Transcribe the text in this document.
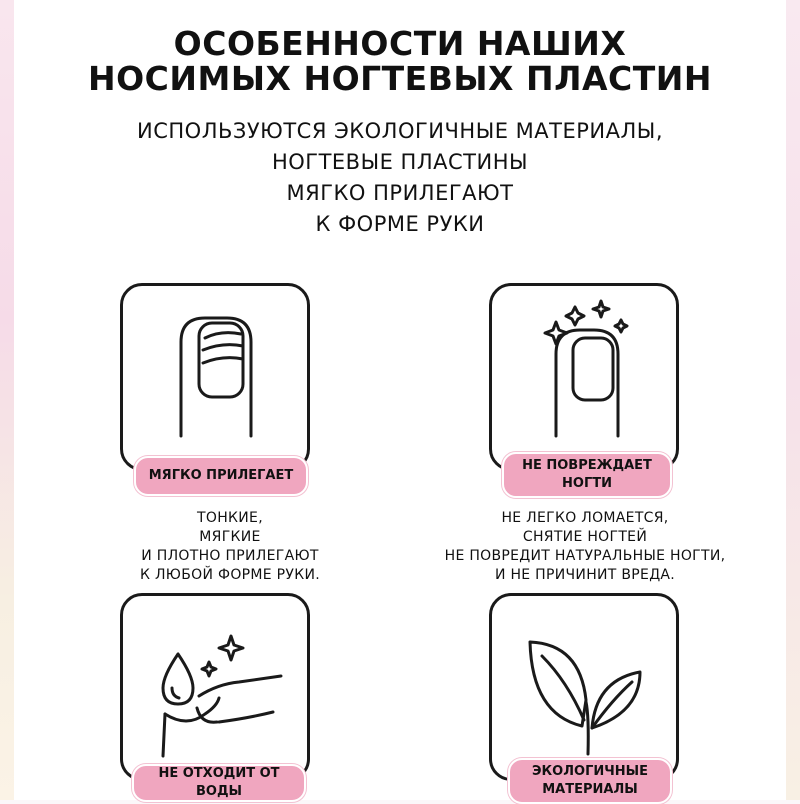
ОСОБЕННОСТИ НАШИХ
НОСИМЫХ НОГТЕВЫХ ПЛАСТИН

ИСПОЛЬЗУЮТСЯ ЭКОЛОГИЧНЫЕ МАТЕРИАЛЫ,
НОГТЕВЫЕ ПЛАСТИНЫ
МЯГКО ПРИЛЕГАЮТ
К ФОРМЕ РУКИ

МЯГКО ПРИЛЕГАЕТ

ТОНКИЕ,
МЯГКИЕ
И ПЛОТНО ПРИЛЕГАЮТ
К ЛЮБОЙ ФОРМЕ РУКИ.

НЕ ПОВРЕЖДАЕТ
НОГТИ

НЕ ЛЕГКО ЛОМАЕТСЯ,
СНЯТИЕ НОГТЕЙ
НЕ ПОВРЕДИТ НАТУРАЛЬНЫЕ НОГТИ,
И НЕ ПРИЧИНИТ ВРЕДА.

НЕ ОТХОДИТ ОТ ВОДЫ
ЭКОЛОГИЧНЫЕ
МАТЕРИАЛЫ
